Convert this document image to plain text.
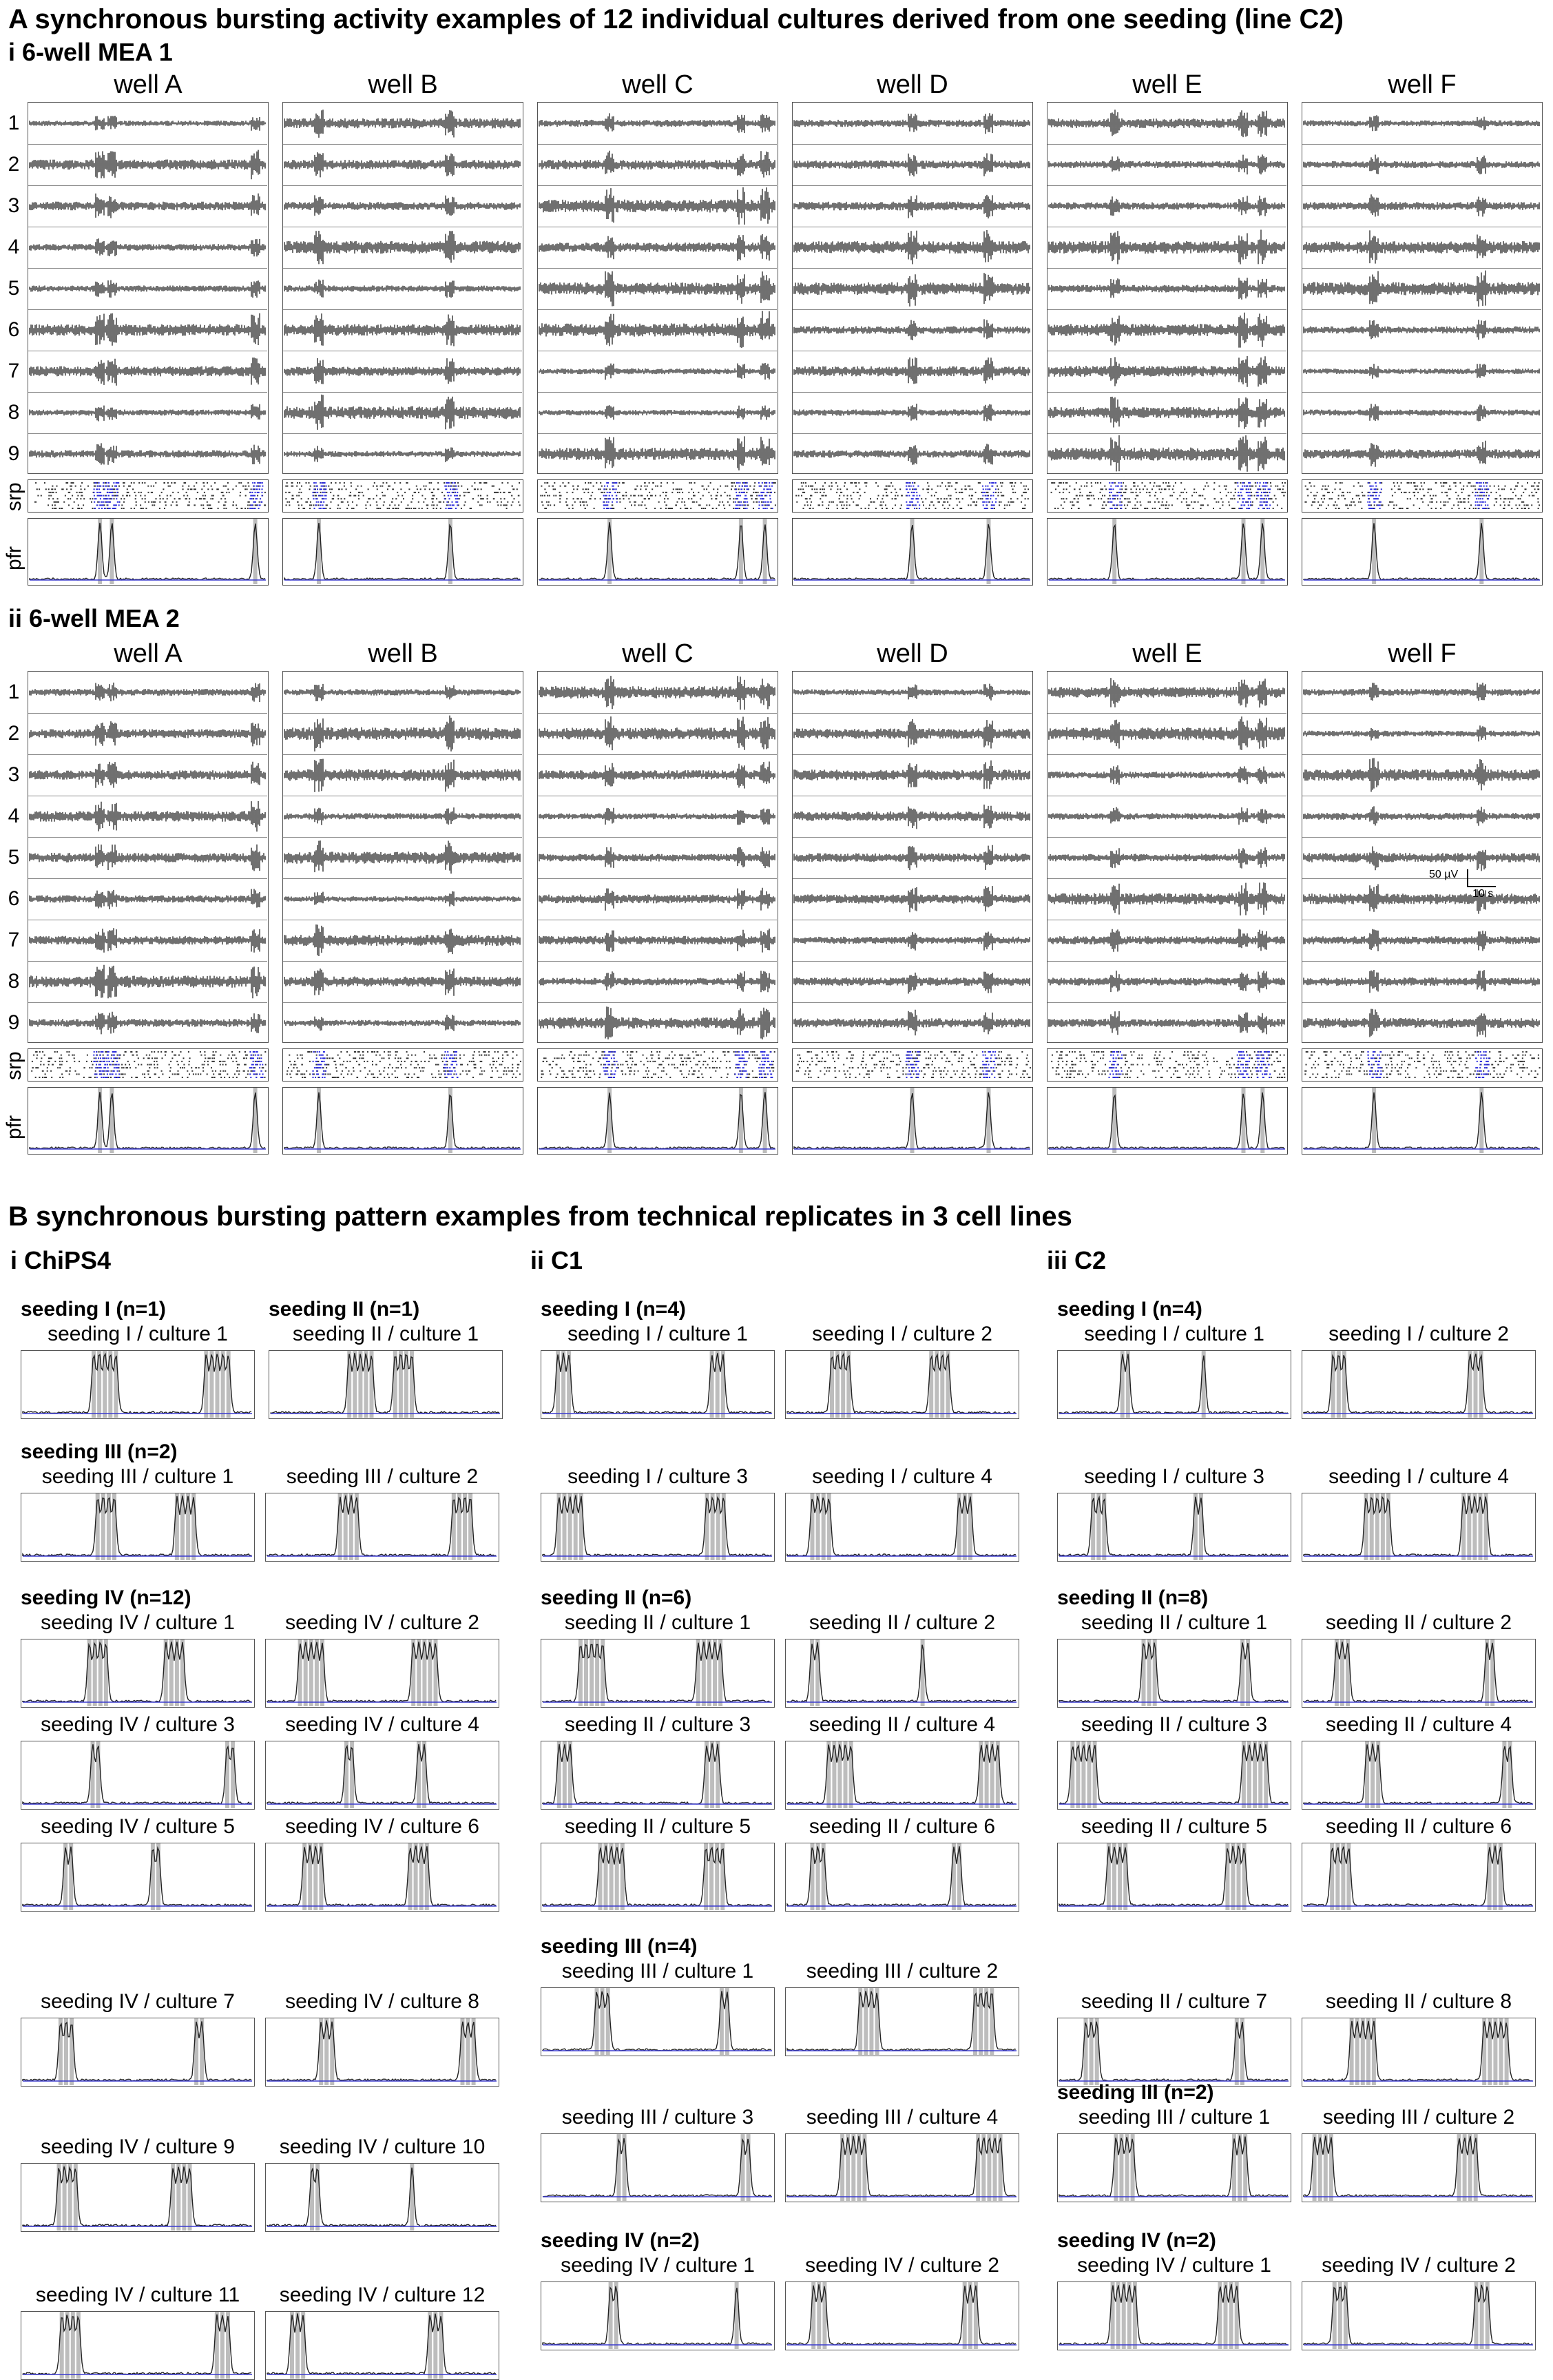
A synchronous bursting activity examples of 12 individual cultures derived from one seeding (line C2)
i 6-well MEA 1
well A	well B	well C	well D	well E	well F
1
2
3
4
5
6
7
8
9
srp
pfr
ii 6-well MEA 2
well A	well B	well C	well D	well E	well F
1
2
3
4
5
6
7
8
9
srp
pfr
50 µV
10 s
B synchronous bursting pattern examples from technical replicates in 3 cell lines
i ChiPS4
seeding I (n=1)
seeding I / culture 1
seeding II (n=1)
seeding II / culture 1
seeding III (n=2)
seeding III / culture 1	seeding III / culture 2
seeding IV (n=12)
seeding IV / culture 1	seeding IV / culture 2
seeding IV / culture 3	seeding IV / culture 4
seeding IV / culture 5	seeding IV / culture 6
seeding IV / culture 7	seeding IV / culture 8
seeding IV / culture 9	seeding IV / culture 10
seeding IV / culture 11	seeding IV / culture 12
ii C1
seeding I (n=4)
seeding I / culture 1	seeding I / culture 2
seeding I / culture 3	seeding I / culture 4
seeding II (n=6)
seeding II / culture 1	seeding II / culture 2
seeding II / culture 3	seeding II / culture 4
seeding II / culture 5	seeding II / culture 6
seeding III (n=4)
seeding III / culture 1	seeding III / culture 2
seeding III / culture 3	seeding III / culture 4
seeding IV (n=2)
seeding IV / culture 1	seeding IV / culture 2
iii C2
seeding I (n=4)
seeding I / culture 1	seeding I / culture 2
seeding I / culture 3	seeding I / culture 4
seeding II (n=8)
seeding II / culture 1	seeding II / culture 2
seeding II / culture 3	seeding II / culture 4
seeding II / culture 5	seeding II / culture 6
seeding II / culture 7	seeding II / culture 8
seeding III (n=2)
seeding III / culture 1	seeding III / culture 2
seeding IV (n=2)
seeding IV / culture 1	seeding IV / culture 2
